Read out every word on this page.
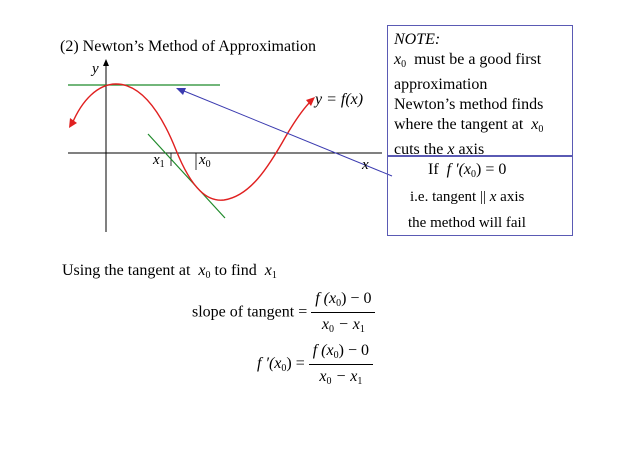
(2) Newton’s Method of Approximation
y
x
y = f(x)
$x_1$ $x_0$
NOTE:
$x_0$ must be a good first
approximation
Newton’s method finds
where the tangent at $x_0$
cuts the x axis
If f $'(x_0) = 0$
i.e. tangent || x axis
the method will fail
Using the tangent at $x_0$ to find $x_1$
slope of tangent = $\frac{f (x_0) - 0}{x_0 - x_1}$
f $'(x_0) = \frac{f (x_0) - 0}{x_0 - x_1}$
